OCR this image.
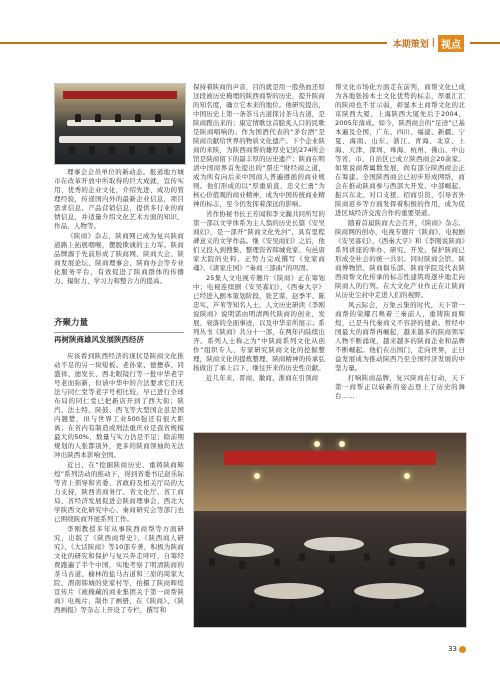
本期策划 | 视点

理事会会员单位的新动态。报道地方城市在改革开放中所取得的巨大成就，宣传实用、优秀的企业文化，介绍先进、成功的管理经验，传递国内外的最新企业信息，项目需求信息、产品营销信息，提供多行业的商情信息，并适量介绍文化艺术方面的知识、作品、人物等。

《陕商》杂志，陕商网已成为复兴陕商道路上拓展咽喉，摆脱欺诚的主力军。陕商品牌源于先前形成了陕商网、陕商大会、陕商发展论坛、陕商理事会、陕商办会等专业化服务平台，有效促进了陕商群体的传播力、辐射力、学习力和整合力的提高。

齐聚力量
再树陕商雄风发展陕西经济

应该看到陕西经济的现状是陕商文化推动不足的另一块短板。老孙家、德懋恭、同盛祥、德发长、西北眼镜行等一批中华老字号老而弥新，但请中华中的合法要求它们无法与同仁堂等老字号相比较，早已进行全球布局的同仁堂已把新店开到了西大街；陕汽、法士特、陕鼓、西飞等大型国企虽是国内翘楚，但与世界工业500强还有很大距离；在省内有制造或刑法重庆业是我省规模最大的50%，数量与实力仍是不足；除前期规划的人张都别外，更多的陕商领袖尚无法冲出陕西本影响全国。

近日，在“挖掘陕商历史、重铸陕商辉煌”系列活动的推动下，得到省委书记赵乐际等省上领导和省委、省政府及相关厅局的大力支持，陕西省商务厅、省文化厅、省工商局、省经济发展促进会陕商理事会、西北大学陕西文化研究中心、秦商研究会等部门也已围绕陕商开展系列工作。

李刚教授多年从事陕西商帮等方面研究，出版了《陕西商帮史》、《陕西商人研究》、《大话陕商》等10部专著，积极为陕商文化的研究和保护与复兴奔走呼吁，自筹经费跑遍了半个中国，实地考察了明清陕商的茶马古道、榆林的盐马古道和三原的周家大院、渭南韩城的党家村等，拍摄了陕商辉煌宣传片《被掩藏的商业集团关于第一商帮陕商》电视片、制作了画册，在《陕商》、《陕西画报》等杂志上开设了专栏，撰写和

保持着陕商的声音，目的就是用一股热血还原这段被历史掩埋的陕西商帮的历史，提升陕商的知名度，确立它本来的地位。他研究提出，中国历史上第一条茶马古道探讨茶马古道，是陕商蹚出来的；康定情歌这首脍炙人口的民歌是陕商唱响的；作为国酒代表的“茅台酒”是陕商贡献给世界的物质文化遗产。下个企业陕商的来陕，为陕西商帮的雄厚史记的274所会馆是陕商留下的最丰厚的历史遗产；陕商在明清中国商界首先提出的“票庄”财经商之道，成为所有向后来中国商人普遍遵循的商业规则。他们形成的以“厚重质直，忠义仁勇”为核心价值观的商业精神，成为中国传统商业精神的标志，至今仍发挥着深远的影响。

省作协秘书长王芳闻和李文瀚共同所写的第一部以文学体系为主人翁的历史长篇《安吴商妇》，是一部开“陕商文化先河”，具有里程碑意义的文学作品。继《安吴商妇》之后，他们又投入到搜集、整理资省韩城党家、句邑唐家大院的史料，正势力完成撰写《党家商魂》、《唐家庄园》“秦商三部曲”的巩固。

25集人文电视专题片《陕商》正在筹划中；电视连续剧《安吴寡妇》、《西秦大亨》已经进入剧本策划阶段，张艺谋、赵季平、陈忠实、芦苇等知名人士。人文历史研读《李刚说陕商》说明诺由明清两代陕商的创业、发展、衰落的全面事迹，以及中华亲所展示；系列丛书《陕商》共分十一部，在两年内陆续出齐。系列人士称之为“中陕商系列文化从创作”组织专人、专家研究陕商文化的挖掘整理，陕商文化的提炼整理、陕商精神的传承弘扬做出了承上启下、继往开来的历史性贡献。

近几年来，晋商、徽商、浙商在引领商

帮文化市场化方面走在前列，商帮文化已成为各地张扬本土文化优势的标志，厚重汇汇的陕商也不甘示弱，彰显本土商帮文化的北京陕西大厦、上海陕西大厦先后于2004、2005年落成。如今，陕西商会的“足迹”已基本遍及全国，广东、四川、福建、新疆、宁夏、海南、山东、浙江、青海、北京、上海、天津、深圳、珠海、杭州、佛山、中山等省、市、自治区已成立陕西商会20余家。如果说商帮属数发展，尚有部分陕西商会正在筹建。全国陕西商会已初步形成网络，商会在推动陕商参与西部大开发、中部崛起、振兴东北、对口支援、招商引资、引导省外陕商返乡等方面发挥着积极的作用，成为促进区域经济交流合作的重要渠道。

随着首届陕商大会召开，《陕商》杂志、陕商网的创办，电视专题片《陕商》、电视剧《安吴寡妇》、《西秦大亨》和《李刚说陕商》系列讲座的举办、研究、开发、保护陕商已形成全社会的统一共识。同时陕商会馆、陕商博物馆、陕商俱乐部、陕商学院及代表陕西商帮文化传承的标志性建筑将逐步地走向陕商人的行列。在大文化产业作正在让陕商从历史尘封中走进人们的视野。

风云际会，万象云集的时代，天下第一商帮的荣耀召唤着三秦前人，重铸陕商辉煌，已是当代秦商义不容辞的使命。曾经中国最大的商帮再崛起，越来越多的陕商领军人物不断涌现，越来越多的陕商企业和品牌不断崛起。他们在出国门，走向世界，正日益发展成为推动陕西乃至全国经济发展的中坚力量。

打响陕商品牌，复兴陕商在行动，天下第一商帮正以崭新的姿态登上了历史的舞台……

33
